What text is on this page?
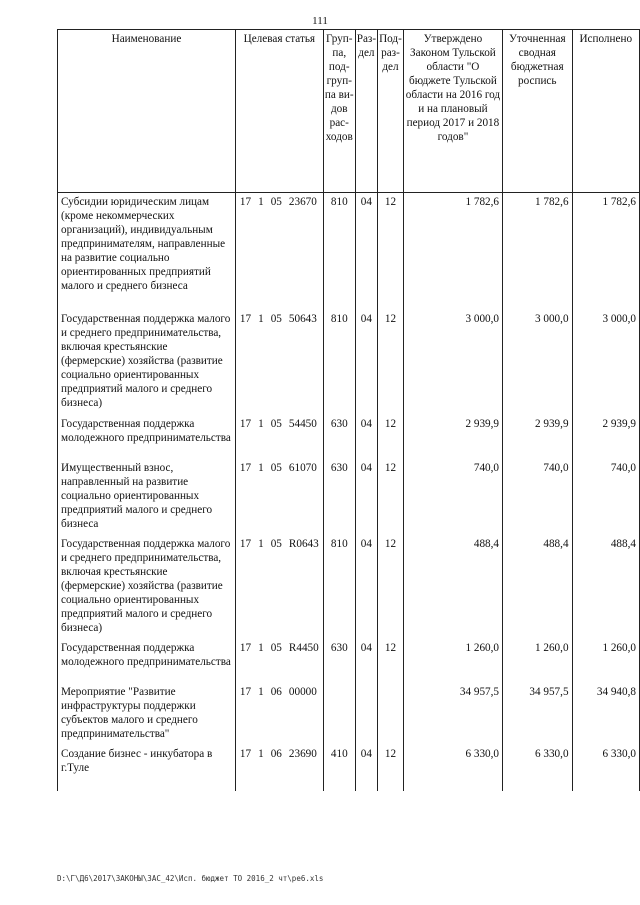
111
Наименование	Целевая статья	Груп-па, под-груп-па ви-дов рас-ходов	Раз-дел	Под-раз-дел	Утверждено Законом Тульской области "О бюджете Тульской области на 2016 год и на плановый период 2017 и 2018 годов"	Уточненная сводная бюджетная роспись	Исполнено
Субсидии юридическим лицам (кроме некоммерческих организаций), индивидуальным предпринимателям, направленные на развитие социально ориентированных предприятий малого и среднего бизнеса	17 1 05 23670	810	04	12	1 782,6	1 782,6	1 782,6
Государственная поддержка малого и среднего предпринимательства, включая крестьянские (фермерские) хозяйства (развитие социально ориентированных предприятий малого и среднего бизнеса)	17 1 05 50643	810	04	12	3 000,0	3 000,0	3 000,0
Государственная поддержка молодежного предпринимательства	17 1 05 54450	630	04	12	2 939,9	2 939,9	2 939,9
Имущественный взнос, направленный на развитие социально ориентированных предприятий малого и среднего бизнеса	17 1 05 61070	630	04	12	740,0	740,0	740,0
Государственная поддержка малого и среднего предпринимательства, включая крестьянские (фермерские) хозяйства (развитие социально ориентированных предприятий малого и среднего бизнеса)	17 1 05 R0643	810	04	12	488,4	488,4	488,4
Государственная поддержка молодежного предпринимательства	17 1 05 R4450	630	04	12	1 260,0	1 260,0	1 260,0
Мероприятие "Развитие инфраструктуры поддержки субъектов малого и среднего предпринимательства"	17 1 06 00000				34 957,5	34 957,5	34 940,8
Создание бизнес - инкубатора в г.Туле	17 1 06 23690	410	04	12	6 330,0	6 330,0	6 330,0
D:\Г\Д6\2017\ЗАКОНЫ\ЗАС_42\Исп. бюджет ТО 2016_2 чт\ре6.xls
